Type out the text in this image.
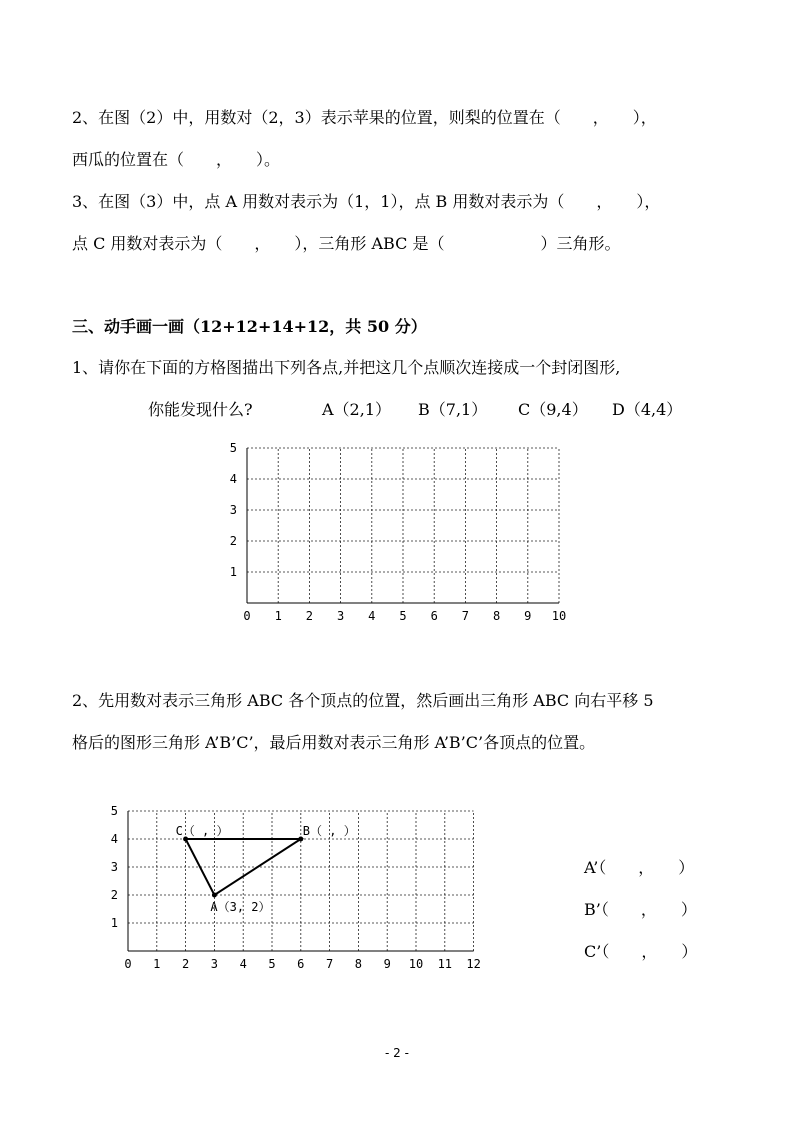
2、在图（2）中，用数对（2，3）表示苹果的位置，则梨的位置在（　　，　　），
西瓜的位置在（　　，　　）。
3、在图（3）中，点 A 用数对表示为（1，1），点 B 用数对表示为（　　，　　），
点 C 用数对表示为（　　，　　），三角形 ABC 是（　　　　　　）三角形。
三、动手画一画（12+12+14+12，共 50 分）
1、请你在下面的方格图描出下列各点,并把这几个点顺次连接成一个封闭图形,
你能发现什么?	A（2,1） B（7,1） C（9,4） D（4,4）
0 1 2 3 4 5 6 7 8 9 10
1
2
3
4
5
0 1 2 3 4 5 6 7 8 9 10 11 12
1
2
3
4
5
A（3, 2）
B（ , ）
C（ , ）
2、先用数对表示三角形 ABC 各个顶点的位置，然后画出三角形 ABC 向右平移 5
格后的图形三角形 A’B’C’，最后用数对表示三角形 A’B’C’各顶点的位置。
A’（　　，　　）
B’（　　，　　）
C’（　　，　　）
- 2 -
